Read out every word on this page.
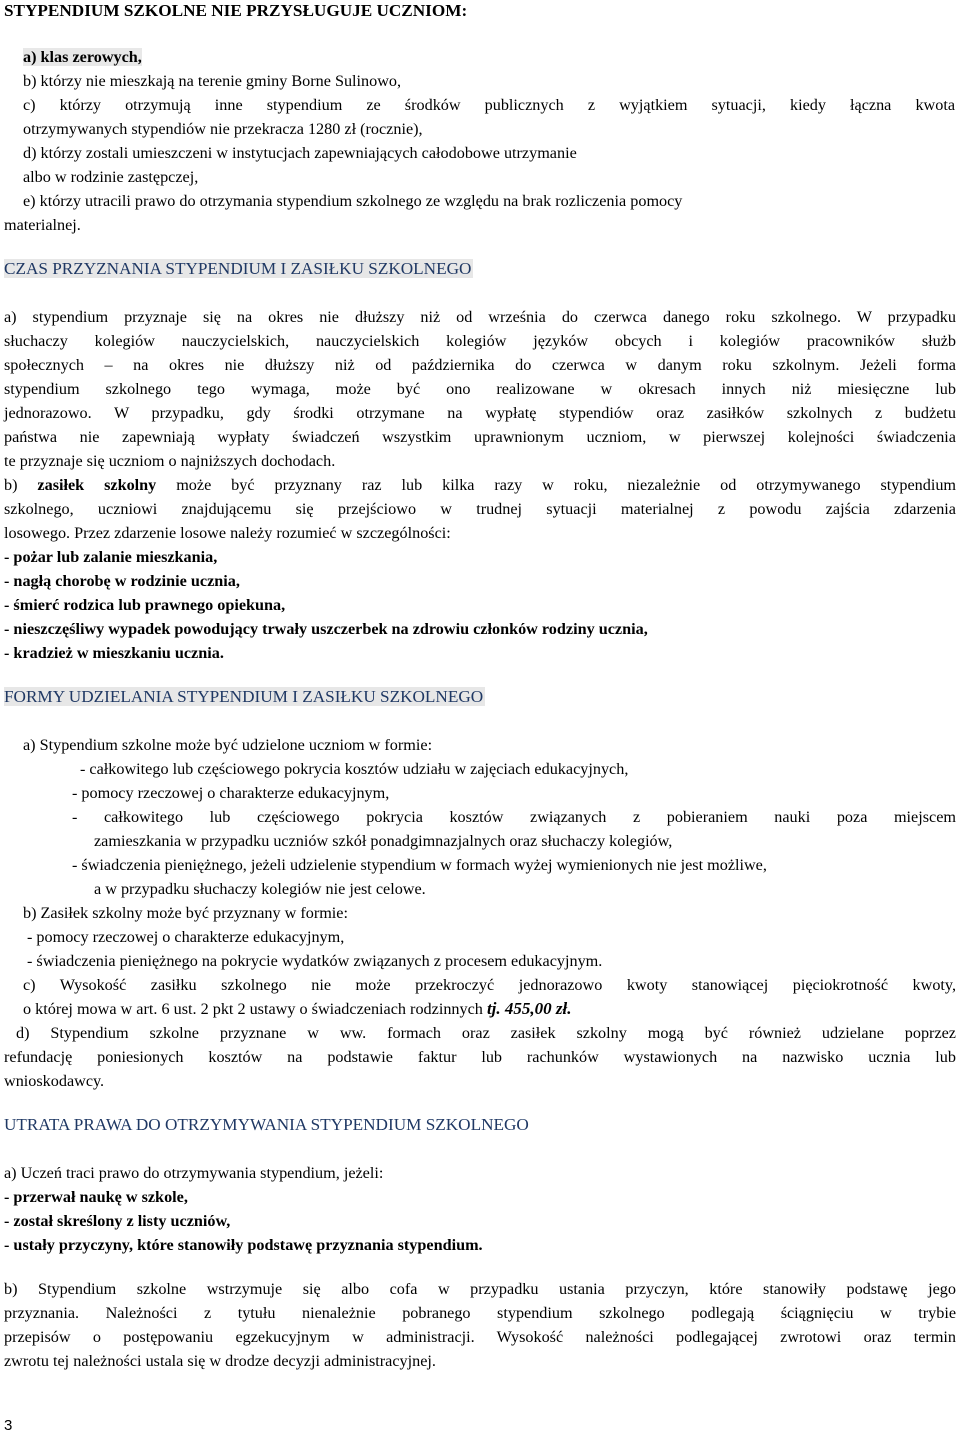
STYPENDIUM SZKOLNE NIE PRZYSŁUGUJE UCZNIOM:
a) klas zerowych,
b) którzy nie mieszkają na terenie gminy Borne Sulinowo,
c) którzy otrzymują inne stypendium ze środków publicznych z wyjątkiem sytuacji, kiedy łączna kwota
otrzymywanych stypendiów nie przekracza 1280 zł (rocznie),
d) którzy zostali umieszczeni w instytucjach zapewniających całodobowe utrzymanie
albo w rodzinie zastępczej,
e) którzy utracili prawo do otrzymania stypendium szkolnego ze względu na brak rozliczenia pomocy
materialnej.
CZAS PRZYZNANIA STYPENDIUM I ZASIŁKU SZKOLNEGO
a) stypendium przyznaje się na okres nie dłuższy niż od września do czerwca danego roku szkolnego. W przypadku
słuchaczy kolegiów nauczycielskich, nauczycielskich kolegiów języków obcych i kolegiów pracowników służb
społecznych – na okres nie dłuższy niż od października do czerwca w danym roku szkolnym. Jeżeli forma
stypendium szkolnego tego wymaga, może być ono realizowane w okresach innych niż miesięczne lub
jednorazowo. W przypadku, gdy środki otrzymane na wypłatę stypendiów oraz zasiłków szkolnych z budżetu
państwa nie zapewniają wypłaty świadczeń wszystkim uprawnionym uczniom, w pierwszej kolejności świadczenia
te przyznaje się uczniom o najniższych dochodach.
b) zasiłek szkolny może być przyznany raz lub kilka razy w roku, niezależnie od otrzymywanego stypendium
szkolnego, uczniowi znajdującemu się przejściowo w trudnej sytuacji materialnej z powodu zajścia zdarzenia
losowego. Przez zdarzenie losowe należy rozumieć w szczególności:
- pożar lub zalanie mieszkania,
- nagłą chorobę w rodzinie ucznia,
- śmierć rodzica lub prawnego opiekuna,
- nieszczęśliwy wypadek powodujący trwały uszczerbek na zdrowiu członków rodziny ucznia,
- kradzież w mieszkaniu ucznia.
FORMY UDZIELANIA STYPENDIUM I ZASIŁKU SZKOLNEGO
a) Stypendium szkolne może być udzielone uczniom w formie:
- całkowitego lub częściowego pokrycia kosztów udziału w zajęciach edukacyjnych,
- pomocy rzeczowej o charakterze edukacyjnym,
- całkowitego lub częściowego pokrycia kosztów związanych z pobieraniem nauki poza miejscem
zamieszkania w przypadku uczniów szkół ponadgimnazjalnych oraz słuchaczy kolegiów,
- świadczenia pieniężnego, jeżeli udzielenie stypendium w formach wyżej wymienionych nie jest możliwe,
a w przypadku słuchaczy kolegiów nie jest celowe.
b) Zasiłek szkolny może być przyznany w formie:
- pomocy rzeczowej o charakterze edukacyjnym,
- świadczenia pieniężnego na pokrycie wydatków związanych z procesem edukacyjnym.
c) Wysokość zasiłku szkolnego nie może przekroczyć jednorazowo kwoty stanowiącej pięciokrotność kwoty,
o której mowa w art. 6 ust. 2 pkt 2 ustawy o świadczeniach rodzinnych tj. 455,00 zł.
d) Stypendium szkolne przyznane w ww. formach oraz zasiłek szkolny mogą być również udzielane poprzez
refundację poniesionych kosztów na podstawie faktur lub rachunków wystawionych na nazwisko ucznia lub
wnioskodawcy.
UTRATA PRAWA DO OTRZYMYWANIA STYPENDIUM SZKOLNEGO
a) Uczeń traci prawo do otrzymywania stypendium, jeżeli:
- przerwał naukę w szkole,
- został skreślony z listy uczniów,
- ustały przyczyny, które stanowiły podstawę przyznania stypendium.
b) Stypendium szkolne wstrzymuje się albo cofa w przypadku ustania przyczyn, które stanowiły podstawę jego
przyznania. Należności z tytułu nienależnie pobranego stypendium szkolnego podlegają ściągnięciu w trybie
przepisów o postępowaniu egzekucyjnym w administracji. Wysokość należności podlegającej zwrotowi oraz termin
zwrotu tej należności ustala się w drodze decyzji administracyjnej.
3
